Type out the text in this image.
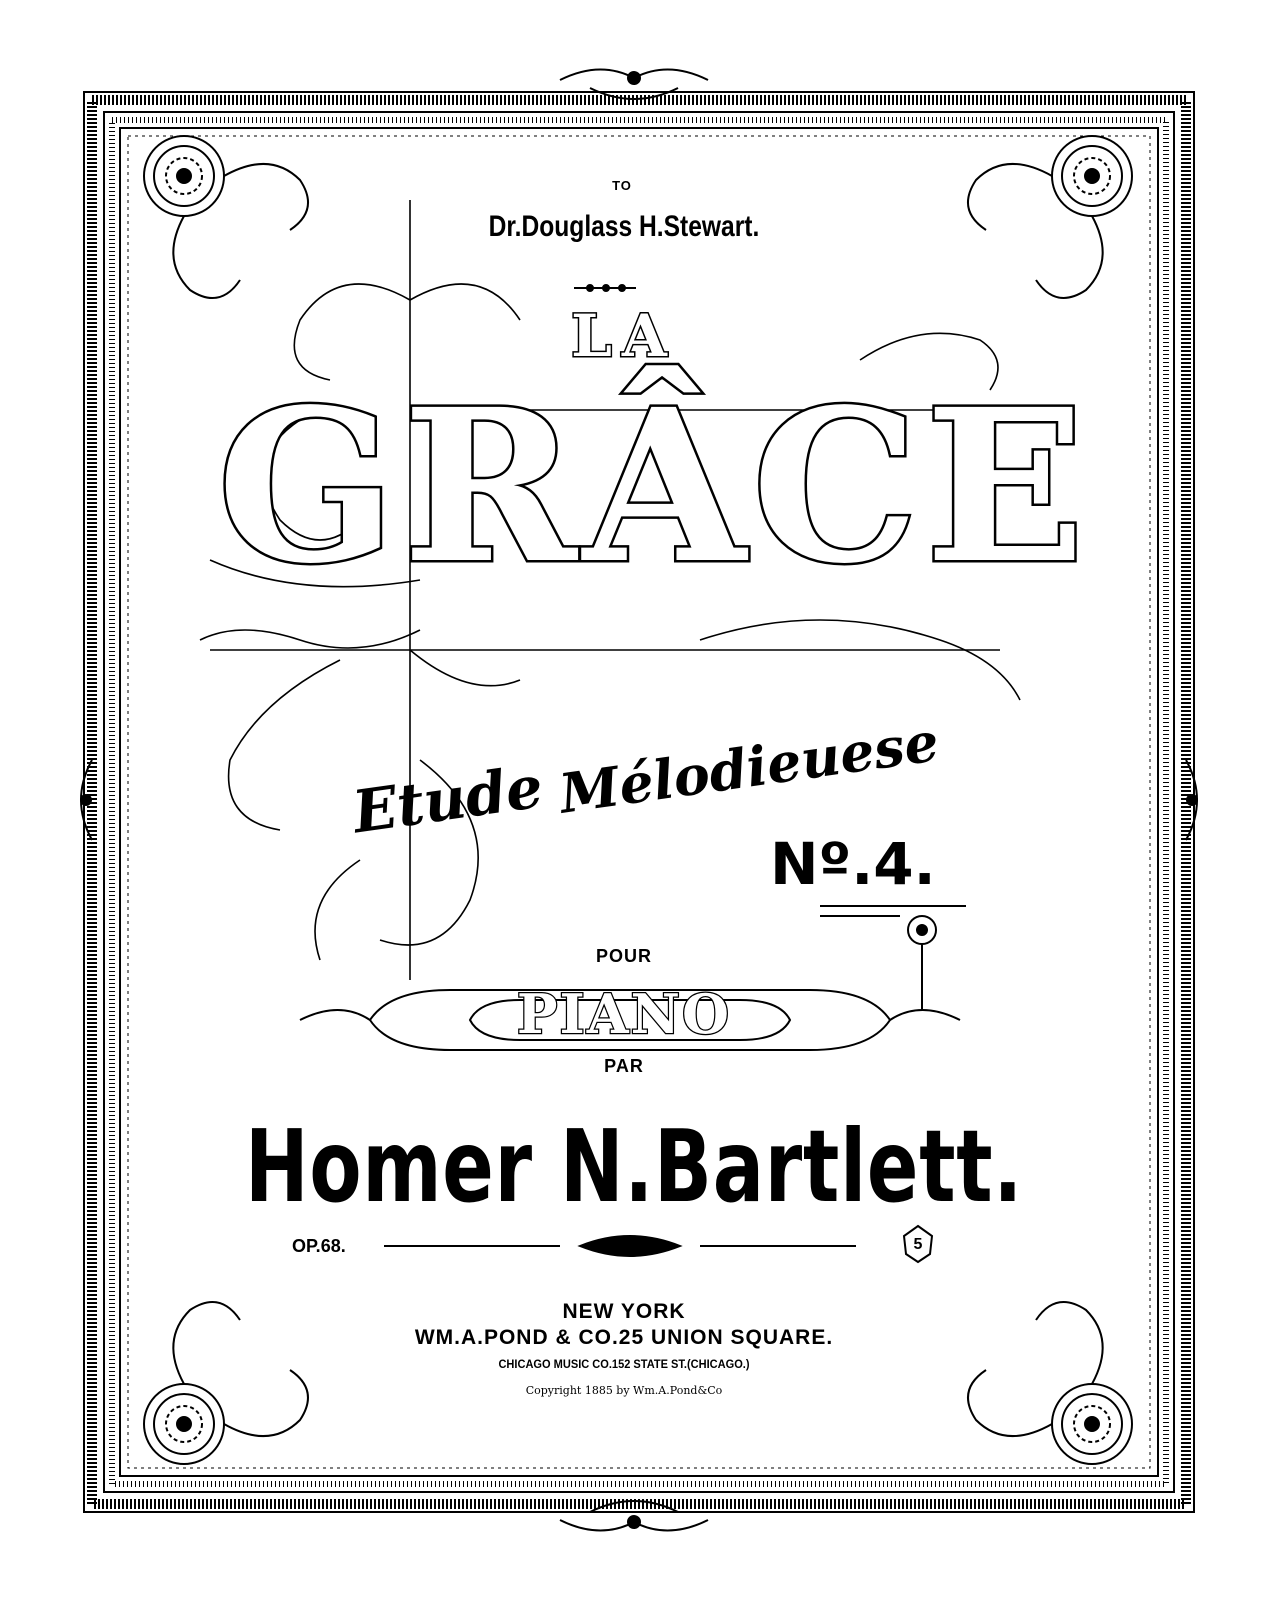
TO

Dr.Douglass H.Stewart.

LA

GRÂCE

Etude Mélodieuese

Nº.4.

POUR

PIANO

PAR

Homer N.Bartlett.

OP.68.	5

NEW YORK

WM.A.POND & CO.25 UNION SQUARE.

CHICAGO MUSIC CO.152 STATE ST.(CHICAGO.)

Copyright 1885 by Wm.A.Pond&Co
